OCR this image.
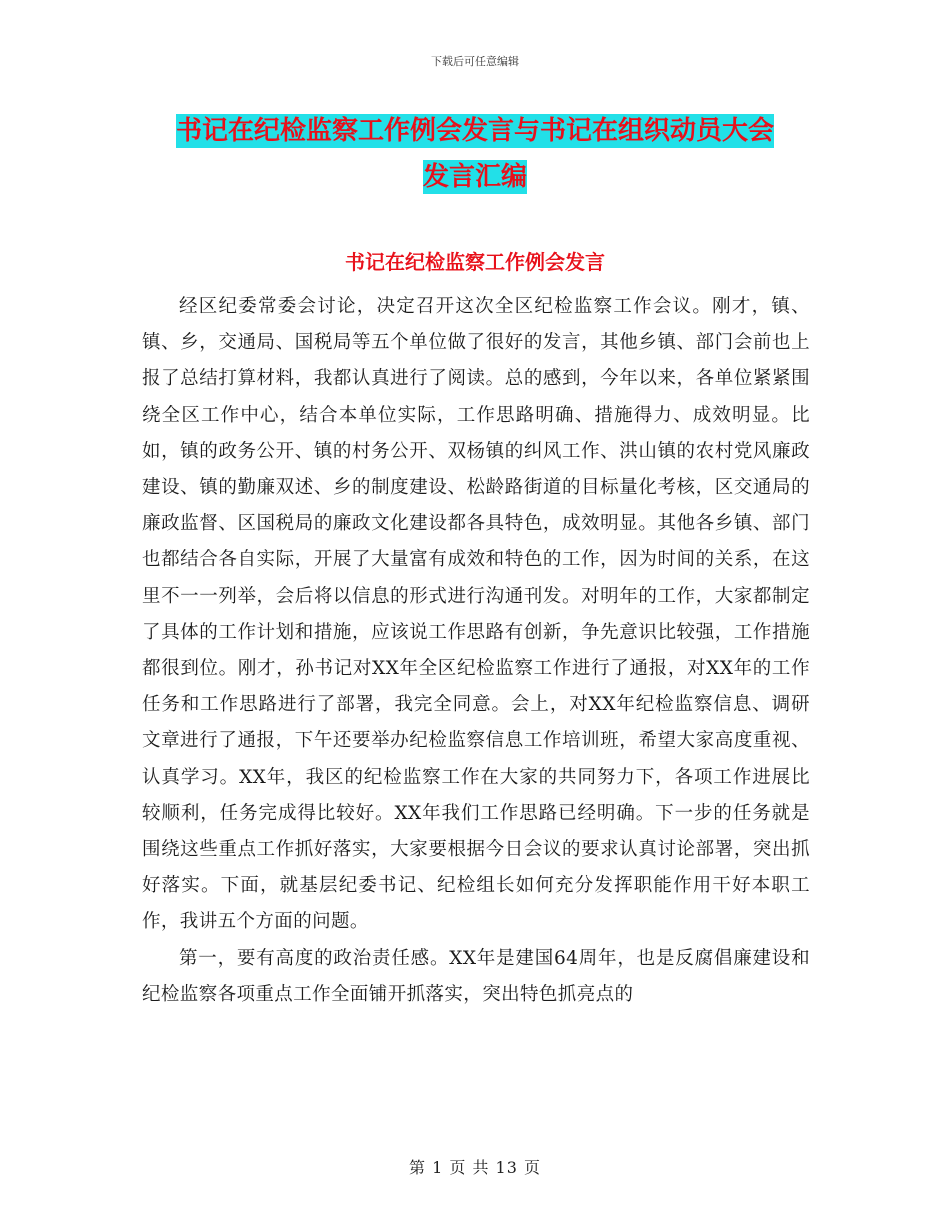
下载后可任意编辑
书记在纪检监察工作例会发言与书记在组织动员大会
发言汇编
书记在纪检监察工作例会发言

经区纪委常委会讨论，决定召开这次全区纪检监察工作会议。刚才，镇、镇、乡，交通局、国税局等五个单位做了很好的发言，其他乡镇、部门会前也上报了总结打算材料，我都认真进行了阅读。总的感到，今年以来，各单位紧紧围绕全区工作中心，结合本单位实际，工作思路明确、措施得力、成效明显。比如，镇的政务公开、镇的村务公开、双杨镇的纠风工作、洪山镇的农村党风廉政建设、镇的勤廉双述、乡的制度建设、松龄路街道的目标量化考核，区交通局的廉政监督、区国税局的廉政文化建设都各具特色，成效明显。其他各乡镇、部门也都结合各自实际，开展了大量富有成效和特色的工作，因为时间的关系，在这里不一一列举，会后将以信息的形式进行沟通刊发。对明年的工作，大家都制定了具体的工作计划和措施，应该说工作思路有创新，争先意识比较强，工作措施都很到位。刚才，孙书记对XX年全区纪检监察工作进行了通报，对XX年的工作任务和工作思路进行了部署，我完全同意。会上，对XX年纪检监察信息、调研文章进行了通报，下午还要举办纪检监察信息工作培训班，希望大家高度重视、认真学习。XX年，我区的纪检监察工作在大家的共同努力下，各项工作进展比较顺利，任务完成得比较好。XX年我们工作思路已经明确。下一步的任务就是围绕这些重点工作抓好落实，大家要根据今日会议的要求认真讨论部署，突出抓好落实。下面，就基层纪委书记、纪检组长如何充分发挥职能作用干好本职工作，我讲五个方面的问题。

第一，要有高度的政治责任感。XX年是建国64周年，也是反腐倡廉建设和纪检监察各项重点工作全面铺开抓落实，突出特色抓亮点的

第 1 页 共 13 页
